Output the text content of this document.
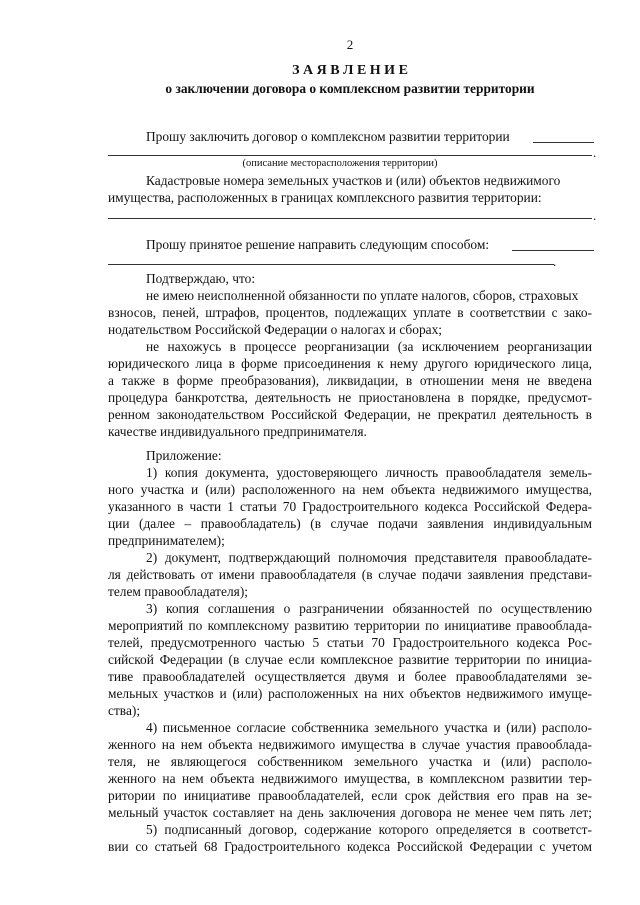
2
З А Я В Л Е Н И Е
о заключении договора о комплексном развитии территории
Прошу заключить договор о комплексном развитии территории
.
(описание месторасположения территории)
Кадастровые номера земельных участков и (или) объектов недвижимого
имущества, расположенных в границах комплексного развития территории:
.
Прошу принятое решение направить следующим способом:
.
Подтверждаю, что:
не имею неисполненной обязанности по уплате налогов, сборов, страховых
взносов, пеней, штрафов, процентов, подлежащих уплате в соответствии с зако-
нодательством Российской Федерации о налогах и сборах;
не нахожусь в процессе реорганизации (за исключением реорганизации
юридического лица в форме присоединения к нему другого юридического лица,
а также в форме преобразования), ликвидации, в отношении меня не введена
процедура банкротства, деятельность не приостановлена в порядке, предусмот-
ренном законодательством Российской Федерации, не прекратил деятельность в
качестве индивидуального предпринимателя.
Приложение:
1) копия документа, удостоверяющего личность правообладателя земель-
ного участка и (или) расположенного на нем объекта недвижимого имущества,
указанного в части 1 статьи 70 Градостроительного кодекса Российской Федера-
ции (далее – правообладатель) (в случае подачи заявления индивидуальным
предпринимателем);
2) документ, подтверждающий полномочия представителя правообладате-
ля действовать от имени правообладателя (в случае подачи заявления представи-
телем правообладателя);
3) копия соглашения о разграничении обязанностей по осуществлению
мероприятий по комплексному развитию территории по инициативе правооблада-
телей, предусмотренного частью 5 статьи 70 Градостроительного кодекса Рос-
сийской Федерации (в случае если комплексное развитие территории по инициа-
тиве правообладателей осуществляется двумя и более правообладателями зе-
мельных участков и (или) расположенных на них объектов недвижимого имуще-
ства);
4) письменное согласие собственника земельного участка и (или) располо-
женного на нем объекта недвижимого имущества в случае участия правооблада-
теля, не являющегося собственником земельного участка и (или) располо-
женного на нем объекта недвижимого имущества, в комплексном развитии тер-
ритории по инициативе правообладателей, если срок действия его прав на зе-
мельный участок составляет на день заключения договора не менее чем пять лет;
5) подписанный договор, содержание которого определяется в соответст-
вии со статьей 68 Градостроительного кодекса Российской Федерации с учетом
